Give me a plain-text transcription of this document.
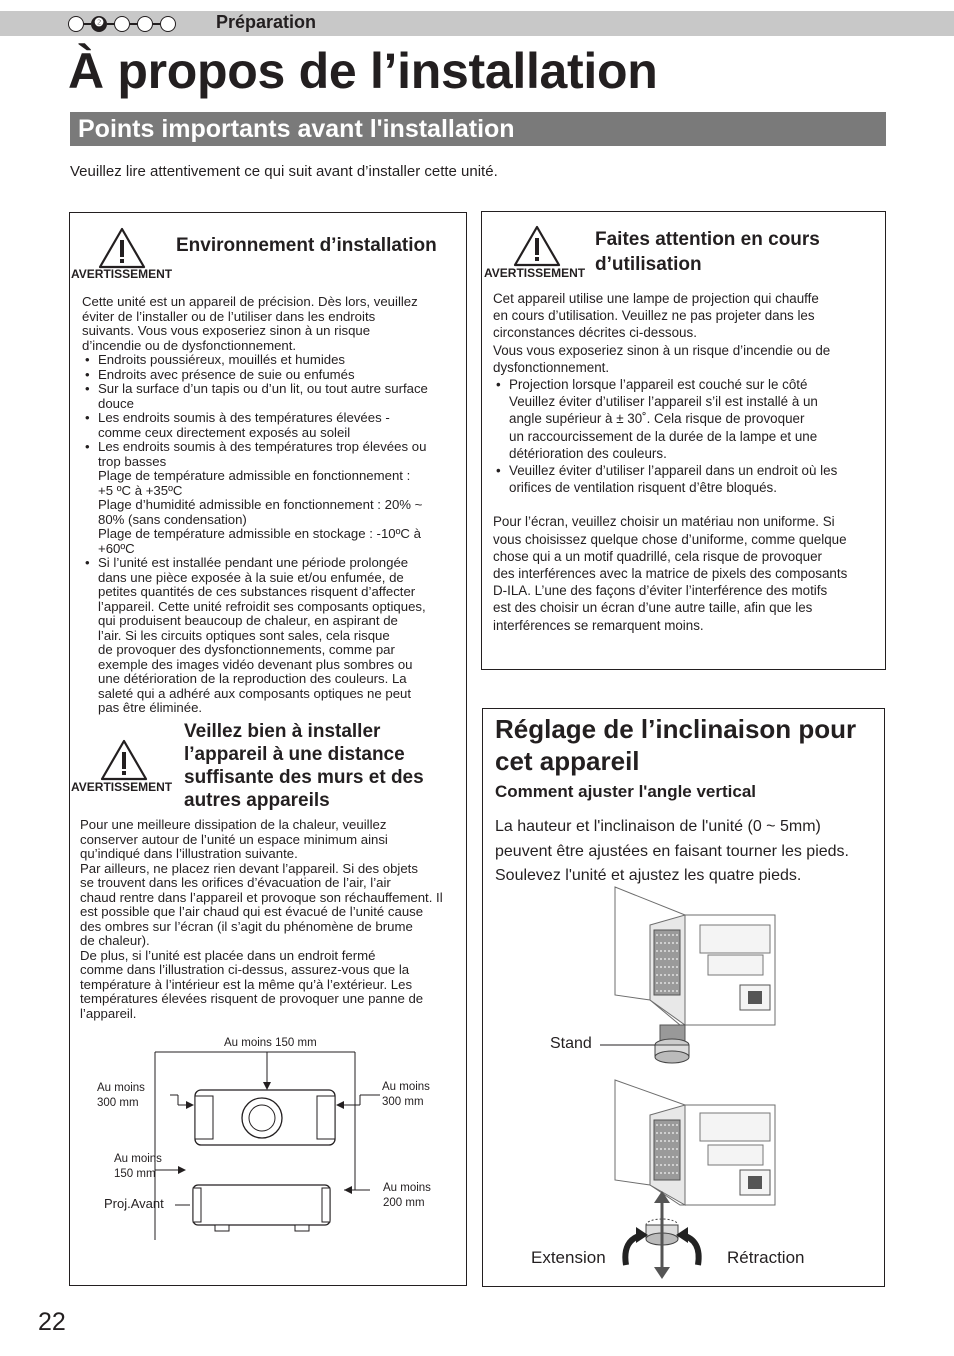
❷	Préparation
À propos de l’installation
Points importants avant l'installation
Veuillez lire attentivement ce qui suit avant d’installer cette unité.
AVERTISSEMENT
Environnement d’installation
Cette unité est un appareil de précision. Dès lors, veuillez
éviter de l’installer ou de l’utiliser dans les endroits
suivants. Vous vous exposeriez sinon à un risque
d’incendie ou de dysfonctionnement.
• Endroits poussiéreux, mouillés et humides
• Endroits avec présence de suie ou enfumés
• Sur la surface d’un tapis ou d’un lit, ou tout autre surface
douce
• Les endroits soumis à des températures élevées -
comme ceux directement exposés au soleil
• Les endroits soumis à des températures trop élevées ou
trop basses
Plage de température admissible en fonctionnement :
+5 ºC à +35ºC
Plage d’humidité admissible en fonctionnement : 20% ~
80% (sans condensation)
Plage de température admissible en stockage : -10ºC à
+60ºC
• Si l’unité est installée pendant une période prolongée
dans une pièce exposée à la suie et/ou enfumée, de
petites quantités de ces substances risquent d’affecter
l’appareil. Cette unité refroidit ses composants optiques,
qui produisent beaucoup de chaleur, en aspirant de
l’air. Si les circuits optiques sont sales, cela risque
de provoquer des dysfonctionnements, comme par
exemple des images vidéo devenant plus sombres ou
une détérioration de la reproduction des couleurs. La
saleté qui a adhéré aux composants optiques ne peut
pas être éliminée.
AVERTISSEMENT
Veillez bien à installer
l’appareil à une distance
suffisante des murs et des
autres appareils
Pour une meilleure dissipation de la chaleur, veuillez
conserver autour de l’unité un espace minimum ainsi
qu’indiqué dans l’illustration suivante.
Par ailleurs, ne placez rien devant l’appareil. Si des objets
se trouvent dans les orifices d’évacuation de l’air, l’air
chaud rentre dans l’appareil et provoque son réchauffement. Il
est possible que l’air chaud qui est évacué de l’unité cause
des ombres sur l’écran (il s’agit du phénomène de brume
de chaleur).
De plus, si l’unité est placée dans un endroit fermé
comme dans l’illustration ci-dessus, assurez-vous que la
température à l’intérieur est la même qu’à l’extérieur. Les
températures élevées risquent de provoquer une panne de
l’appareil.
Au moins 150 mm
Au moins
300 mm
Au moins
300 mm
Au moins
150 mm
Proj.Avant
Au moins
200 mm
AVERTISSEMENT
Faites attention en cours
d’utilisation
Cet appareil utilise une lampe de projection qui chauffe
en cours d’utilisation. Veuillez ne pas projeter dans les
circonstances décrites ci-dessous.
Vous vous exposeriez sinon à un risque d’incendie ou de
dysfonctionnement.
• Projection lorsque l’appareil est couché sur le côté
Veuillez éviter d’utiliser l’appareil s’il est installé à un
angle supérieur à ± 30˚. Cela risque de provoquer
un raccourcissement de la durée de la lampe et une
détérioration des couleurs.
• Veuillez éviter d’utiliser l’appareil dans un endroit où les
orifices de ventilation risquent d’être bloqués.
Pour l’écran, veuillez choisir un matériau non uniforme. Si
vous choisissez quelque chose d’uniforme, comme quelque
chose qui a un motif quadrillé, cela risque de provoquer
des interférences avec la matrice de pixels des composants
D-ILA. L’une des façons d’éviter l’interférence des motifs
est des choisir un écran d’une autre taille, afin que les
interférences se remarquent moins.
Réglage de l’inclinaison pour
cet appareil
Comment ajuster l'angle vertical
La hauteur et l'inclinaison de l'unité (0 ~ 5mm)
peuvent être ajustées en faisant tourner les pieds.
Soulevez l'unité et ajustez les quatre pieds.
Stand
Extension	Rétraction
22
